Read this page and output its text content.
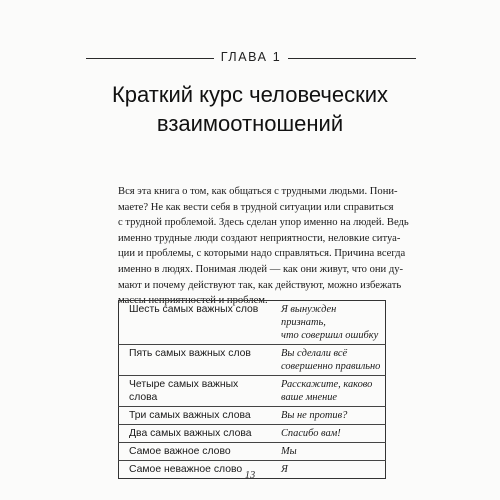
ГЛАВА 1
Краткий курс человеческих
взаимоотношений
Вся эта книга о том, как общаться с трудными людьми. Пони-
маете? Не как вести себя в трудной ситуации или справиться
с трудной проблемой. Здесь сделан упор именно на людей. Ведь
именно трудные люди создают неприятности, неловкие ситуа-
ции и проблемы, с которыми надо справляться. Причина всегда
именно в людях. Понимая людей — как они живут, что они ду-
мают и почему действуют так, как действуют, можно избежать
массы неприятностей и проблем.
Шесть самых важных слов	Я вынужден признать,
что совершил ошибку

Пять самых важных слов	Вы сделали всё
совершенно правильно

Четыре самых важных слова	Расскажите, каково
ваше мнение

Три самых важных слова	Вы не против?

Два самых важных слова	Спасибо вам!

Самое важное слово	Мы

Самое неважное слово	Я
13
